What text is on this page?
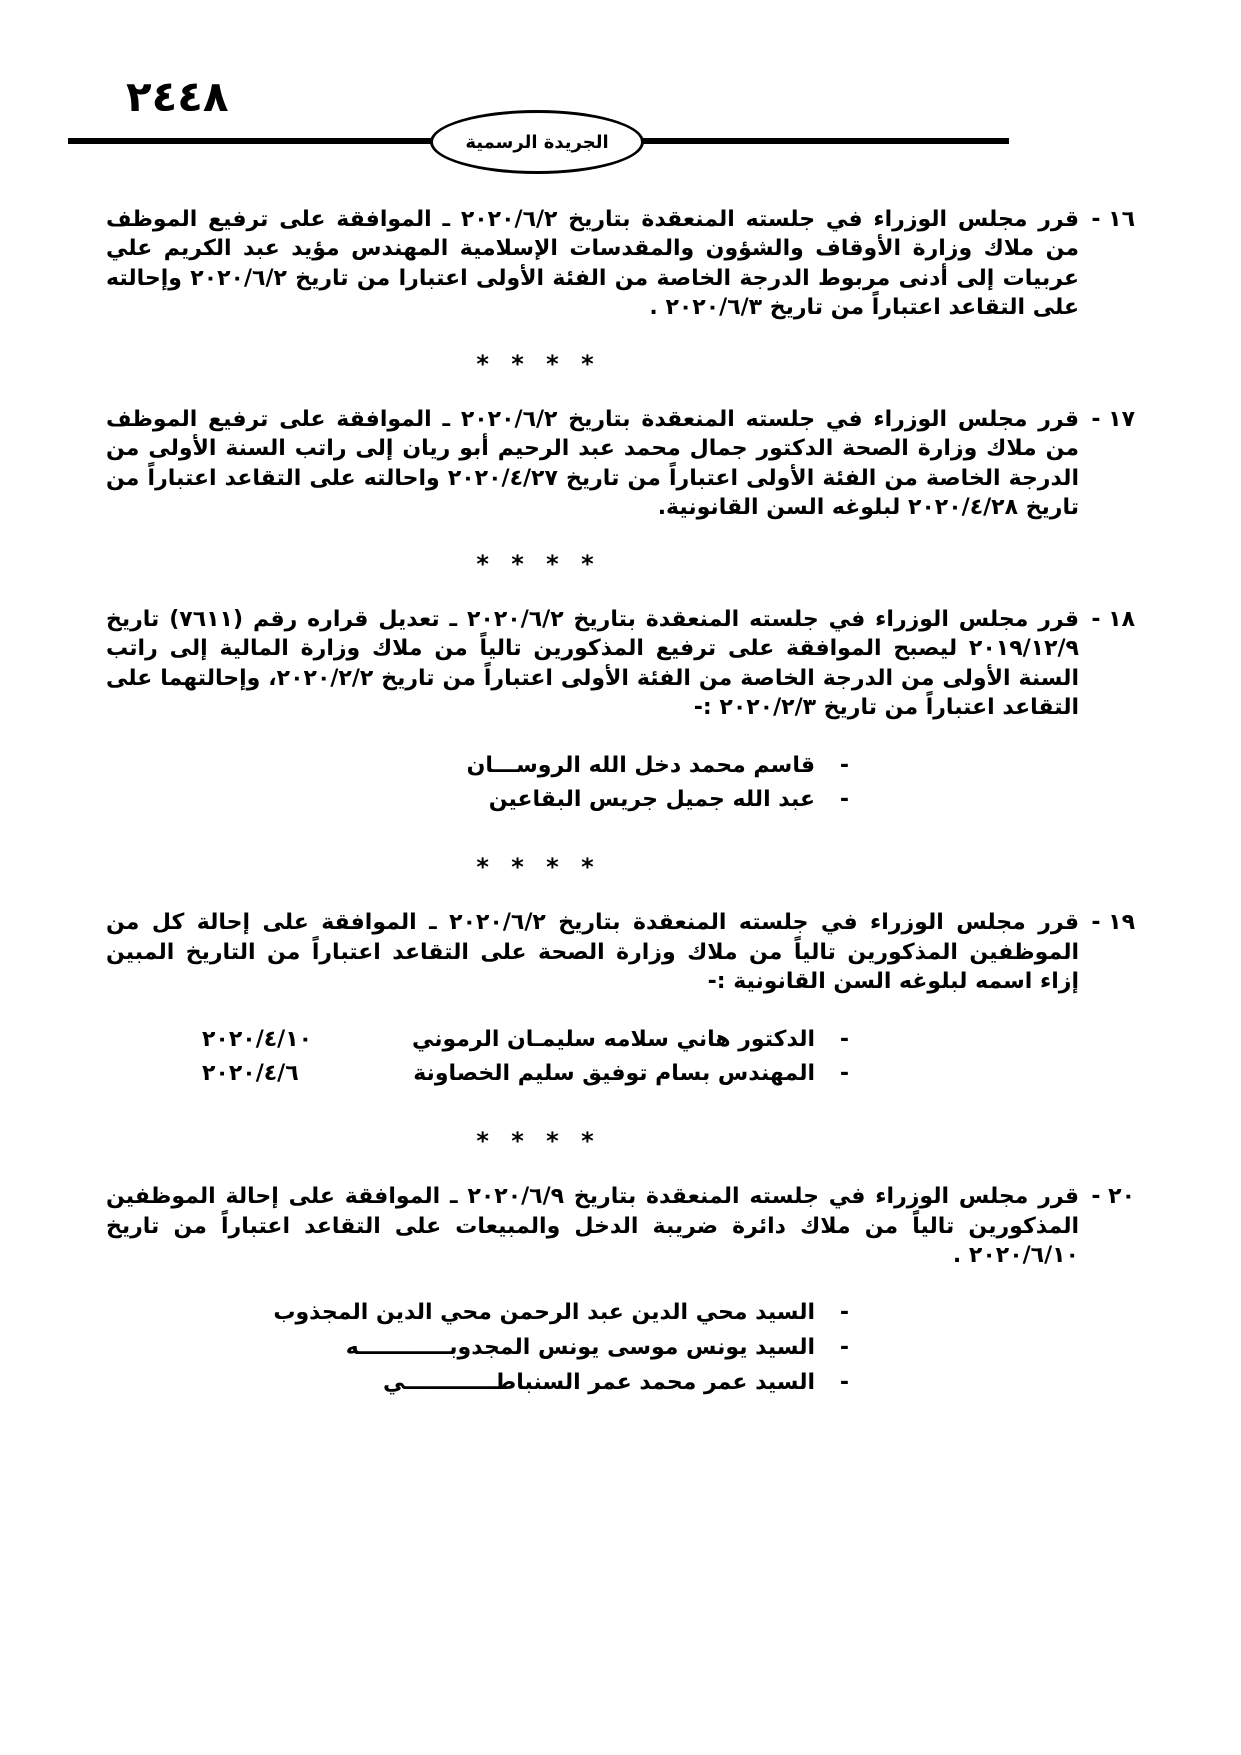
٢٤٤٨
الجريدة الرسمية
١٦ -
قرر مجلس الوزراء في جلسته المنعقدة بتاريخ ٢٠٢٠/٦/٢ ـ الموافقة على ترفيع الموظف من ملاك وزارة الأوقاف والشؤون والمقدسات الإسلامية المهندس مؤيد عبد الكريم علي عربيات إلى أدنى مربوط الدرجة الخاصة من الفئة الأولى اعتبارا من تاريخ ٢٠٢٠/٦/٢ وإحالته على التقاعد اعتباراً من تاريخ ٢٠٢٠/٦/٣ .
* * * *
١٧ -
قرر مجلس الوزراء في جلسته المنعقدة بتاريخ ٢٠٢٠/٦/٢ ـ الموافقة على ترفيع الموظف من ملاك وزارة الصحة الدكتور جمال محمد عبد الرحيم أبو ريان إلى راتب السنة الأولى من الدرجة الخاصة من الفئة الأولى اعتباراً من تاريخ ٢٠٢٠/٤/٢٧ واحالته على التقاعد اعتباراً من تاريخ ٢٠٢٠/٤/٢٨ لبلوغه السن القانونية.
* * * *
١٨ -
قرر مجلس الوزراء في جلسته المنعقدة بتاريخ ٢٠٢٠/٦/٢ ـ تعديل قراره رقم (٧٦١١) تاريخ ٢٠١٩/١٢/٩ ليصبح الموافقة على ترفيع المذكورين تالياً من ملاك وزارة المالية إلى راتب السنة الأولى من الدرجة الخاصة من الفئة الأولى اعتباراً من تاريخ ٢٠٢٠/٢/٢، وإحالتهما على التقاعد اعتباراً من تاريخ ٢٠٢٠/٢/٣ :-
-
قاسم محمد دخل الله الروســـان
-
عبد الله جميل جريس البقاعين
* * * *
١٩ -
قرر مجلس الوزراء في جلسته المنعقدة بتاريخ ٢٠٢٠/٦/٢ ـ الموافقة على إحالة كل من الموظفين المذكورين تالياً من ملاك وزارة الصحة على التقاعد اعتباراً من التاريخ المبين إزاء اسمه لبلوغه السن القانونية :-
-
الدكتور هاني سلامه سليمـان الرموني
٢٠٢٠/٤/١٠
-
المهندس بسام توفيق سليم الخصاونة
٢٠٢٠/٤/٦
* * * *
٢٠ -
قرر مجلس الوزراء في جلسته المنعقدة بتاريخ ٢٠٢٠/٦/٩ ـ الموافقة على إحالة الموظفين المذكورين تالياً من ملاك دائرة ضريبة الدخل والمبيعات على التقاعد اعتباراً من تاريخ ٢٠٢٠/٦/١٠ .
-
السيد محي الدين عبد الرحمن محي الدين المجذوب
-
السيد يونس موسى يونس المجدوبــــــــــــه
-
السيد عمر محمد عمر السنباطــــــــــــي
